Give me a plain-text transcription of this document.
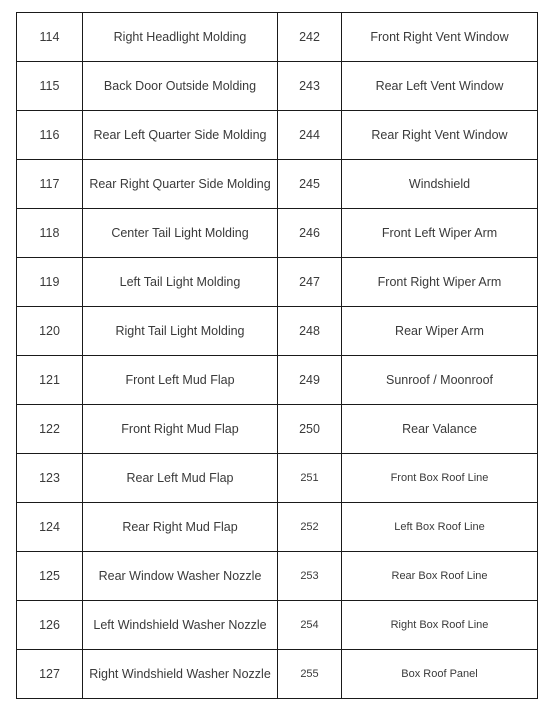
114	Right Headlight Molding	242	Front Right Vent Window
115	Back Door Outside Molding	243	Rear Left Vent Window
116	Rear Left Quarter Side Molding	244	Rear Right Vent Window
117	Rear Right Quarter Side Molding	245	Windshield
118	Center Tail Light Molding	246	Front Left Wiper Arm
119	Left Tail Light Molding	247	Front Right Wiper Arm
120	Right Tail Light Molding	248	Rear Wiper Arm
121	Front Left Mud Flap	249	Sunroof / Moonroof
122	Front Right Mud Flap	250	Rear Valance
123	Rear Left Mud Flap	251	Front Box Roof Line
124	Rear Right Mud Flap	252	Left Box Roof Line
125	Rear Window Washer Nozzle	253	Rear Box Roof Line
126	Left Windshield Washer Nozzle	254	Right Box Roof Line
127	Right Windshield Washer Nozzle	255	Box Roof Panel
